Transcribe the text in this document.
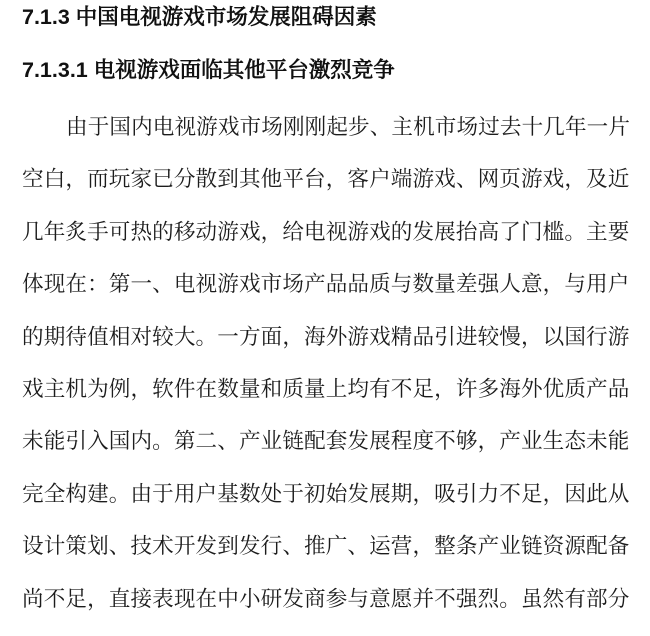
7.1.3 中国电视游戏市场发展阻碍因素
7.1.3.1 电视游戏面临其他平台激烈竞争
由于国内电视游戏市场刚刚起步、主机市场过去十几年一片
空白，而玩家已分散到其他平台，客户端游戏、网页游戏，及近
几年炙手可热的移动游戏，给电视游戏的发展抬高了门槛。主要
体现在：第一、电视游戏市场产品品质与数量差强人意，与用户
的期待值相对较大。一方面，海外游戏精品引进较慢，以国行游
戏主机为例，软件在数量和质量上均有不足，许多海外优质产品
未能引入国内。第二、产业链配套发展程度不够，产业生态未能
完全构建。由于用户基数处于初始发展期，吸引力不足，因此从
设计策划、技术开发到发行、推广、运营，整条产业链资源配备
尚不足，直接表现在中小研发商参与意愿并不强烈。虽然有部分
